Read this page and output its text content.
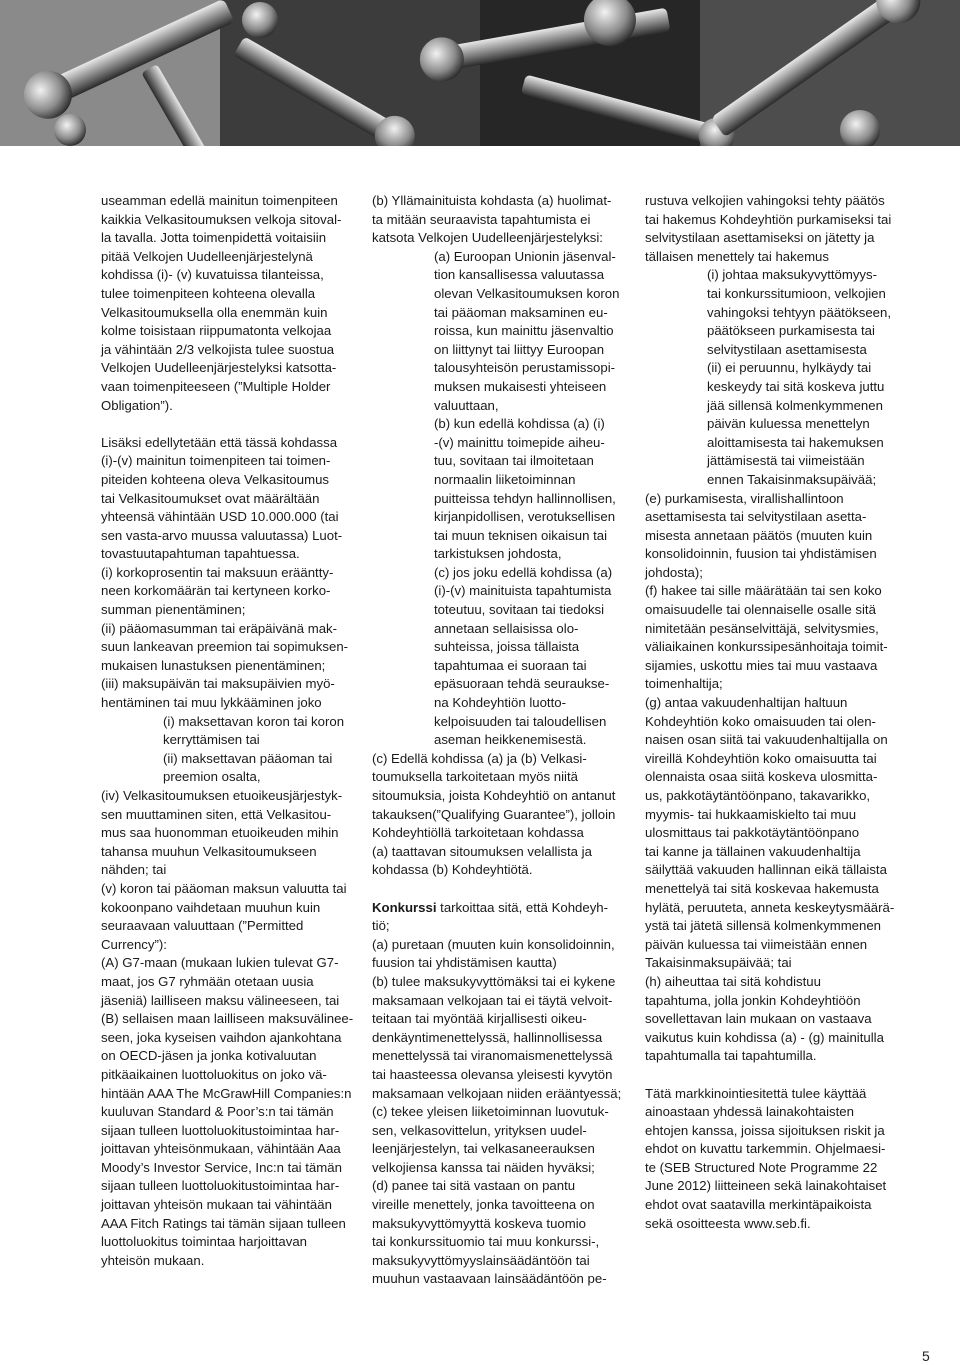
useamman edellä mainitun toimenpiteen

kaikkia Velkasitoumuksen velkoja sitoval-

la tavalla. Jotta toimenpidettä voitaisiin

pitää Velkojen Uudelleenjärjestelynä

kohdissa (i)- (v) kuvatuissa tilanteissa,

tulee toimenpiteen kohteena olevalla

Velkasitoumuksella olla enemmän kuin

kolme toisistaan riippumatonta velkojaa

ja vähintään 2/3 velkojista tulee suostua

Velkojen Uudelleenjärjestelyksi katsotta-

vaan toimenpiteeseen (”Multiple Holder

Obligation”).

Lisäksi edellytetään että tässä kohdassa

(i)-(v) mainitun toimenpiteen tai toimen-

piteiden kohteena oleva Velkasitoumus

tai Velkasitoumukset ovat määrältään

yhteensä vähintään USD 10.000.000 (tai

sen vasta-arvo muussa valuutassa) Luot-

tovastuutapahtuman tapahtuessa.

(i) korkoprosentin tai maksuun erääntty-

neen korkomäärän tai kertyneen korko-

summan pienentäminen;

(ii) pääomasumman tai eräpäivänä mak-

suun lankeavan preemion tai sopimuksen-

mukaisen lunastuksen pienentäminen;

(iii) maksupäivän tai maksupäivien myö-

hentäminen tai muu lykkääminen joko

(i) maksettavan koron tai koron

kerryttämisen tai

(ii) maksettavan pääoman tai

preemion osalta,

(iv) Velkasitoumuksen etuoikeusjärjestyk-

sen muuttaminen siten, että Velkasitou-

mus saa huonomman etuoikeuden mihin

tahansa muuhun Velkasitoumukseen

nähden; tai

(v) koron tai pääoman maksun valuutta tai

kokoonpano vaihdetaan muuhun kuin

seuraavaan valuuttaan (”Permitted

Currency”):

(A) G7-maan (mukaan lukien tulevat G7-

maat, jos G7 ryhmään otetaan uusia

jäseniä) lailliseen maksu välineeseen, tai

(B) sellaisen maan lailliseen maksuvälinee-

seen, joka kyseisen vaihdon ajankohtana

on OECD-jäsen ja jonka kotivaluutan

pitkäaikainen luottoluokitus on joko vä-

hintään AAA The McGrawHill Companies:n

kuuluvan Standard & Poor’s:n tai tämän

sijaan tulleen luottoluokitustoimintaa har-

joittavan yhteisönmukaan, vähintään Aaa

Moody’s Investor Service, Inc:n tai tämän

sijaan tulleen luottoluokitustoimintaa har-

joittavan yhteisön mukaan tai vähintään

AAA Fitch Ratings tai tämän sijaan tulleen

luottoluokitus toimintaa harjoittavan

yhteisön mukaan.

(b) Yllämainituista kohdasta (a) huolimat-

ta mitään seuraavista tapahtumista ei

katsota Velkojen Uudelleenjärjestelyksi:

(a) Euroopan Unionin jäsenval-

tion kansallisessa valuutassa

olevan Velkasitoumuksen koron

tai pääoman maksaminen eu-

roissa, kun mainittu jäsenvaltio

on liittynyt tai liittyy Euroopan

talousyhteisön perustamissopi-

muksen mukaisesti yhteiseen

valuuttaan,

(b) kun edellä kohdissa (a) (i)

-(v) mainittu toimepide aiheu-

tuu, sovitaan tai ilmoitetaan

normaalin liiketoiminnan

puitteissa tehdyn hallinnollisen,

kirjanpidollisen, verotuksellisen

tai muun teknisen oikaisun tai

tarkistuksen johdosta,

(c) jos joku edellä kohdissa (a)

(i)-(v) mainituista tapahtumista

toteutuu, sovitaan tai tiedoksi

annetaan sellaisissa olo-

suhteissa, joissa tällaista

tapahtumaa ei suoraan tai

epäsuoraan tehdä seurauksе-

na Kohdeyhtiön luotto-

kelpoisuuden tai taloudellisen

aseman heikkenemisestä.

(c) Edellä kohdissa (a) ja (b) Velkasi-

toumuksella tarkoitetaan myös niitä

sitoumuksia, joista Kohdeyhtiö on antanut

takauksen(”Qualifying Guarantee”), jolloin

Kohdeyhtiöllä tarkoitetaan kohdassa

(a) taattavan sitoumuksen velallista ja

kohdassa (b) Kohdeyhtiötä.

Konkurssi tarkoittaa sitä, että Kohdeyh-

tiö;

(a) puretaan (muuten kuin konsolidoinnin,

fuusion tai yhdistämisen kautta)

(b) tulee maksukyvyttömäksi tai ei kykene

maksamaan velkojaan tai ei täytä velvoit-

teitaan tai myöntää kirjallisesti oikeu-

denkäyntimenettelyssä, hallinnollisessa

menettelyssä tai viranomaismenettelyssä

tai haasteessa olevansa yleisesti kyvytön

maksamaan velkojaan niiden erääntyessä;

(c) tekee yleisen liiketoiminnan luovutuk-

sen, velkasovittelun, yrityksen uudel-

leenjärjestelyn, tai velkasaneerauksen

velkojiensa kanssa tai näiden hyväksi;

(d) panee tai sitä vastaan on pantu

vireille menettely, jonka tavoitteena on

maksukyvyttömyyttä koskeva tuomio

tai konkurssituomio tai muu konkurssi-,

maksukyvyttömyyslainsäädäntöön tai

muuhun vastaavaan lainsäädäntöön pe-

rustuva velkojien vahingoksi tehty päätös

tai hakemus Kohdeyhtiön purkamiseksi tai

selvitystilaan asettamiseksi on jätetty ja

tällaisen menettely tai hakemus

(i) johtaa maksukyvyttömyys-

tai konkurssitumioon, velkojien

vahingoksi tehtyyn päätökseen,

päätökseen purkamisesta tai

selvitystilaan asettamisesta

(ii) ei peruunnu, hylkäydy tai

keskeydy tai sitä koskeva juttu

jää sillensä kolmenkymmenen

päivän kuluessa menettelyn

aloittamisesta tai hakemuksen

jättämisestä tai viimeistään

ennen Takaisinmaksupäivää;

(e) purkamisesta, virallishallintoon

asettamisesta tai selvitystilaan asetta-

misesta annetaan päätös (muuten kuin

konsolidoinnin, fuusion tai yhdistämisen

johdosta);

(f) hakee tai sille määrätään tai sen koko

omaisuudelle tai olennaiselle osalle sitä

nimitetään pesänselvittäjä, selvitysmies,

väliaikainen konkurssipesänhoitaja toimit-

sijamies, uskottu mies tai muu vastaava

toimenhaltija;

(g) antaa vakuudenhaltijan haltuun

Kohdeyhtiön koko omaisuuden tai olen-

naisen osan siitä tai vakuudenhaltijalla on

vireillä Kohdeyhtiön koko omaisuutta tai

olennaista osaa siitä koskeva ulosmitta-

us, pakkotäytäntöönpano, takavarikko,

myymis- tai hukkaamiskielto tai muu

ulosmittaus tai pakkotäytäntöönpano

tai kanne ja tällainen vakuudenhaltija

säilyttää vakuuden hallinnan eikä tällaista

menettelyä tai sitä koskevaa hakemusta

hylätä, peruuteta, anneta keskeytysmäärä-

ystä tai jätetä sillensä kolmenkymmenen

päivän kuluessa tai viimeistään ennen

Takaisinmaksupäivää; tai

(h) aiheuttaa tai sitä kohdistuu

tapahtuma, jolla jonkin Kohdeyhtiöön

sovellettavan lain mukaan on vastaava

vaikutus kuin kohdissa (a) - (g) mainitulla

tapahtumalla tai tapahtumilla.

Tätä markkinointiesitettä tulee käyttää

ainoastaan yhdessä lainakohtaisten

ehtojen kanssa, joissa sijoituksen riskit ja

ehdot on kuvattu tarkemmin. Ohjelmaesi-

te (SEB Structured Note Programme 22

June 2012) liitteineen sekä lainakohtaiset

ehdot ovat saatavilla merkintäpaikoista

sekä osoitteesta www.seb.fi.

5
